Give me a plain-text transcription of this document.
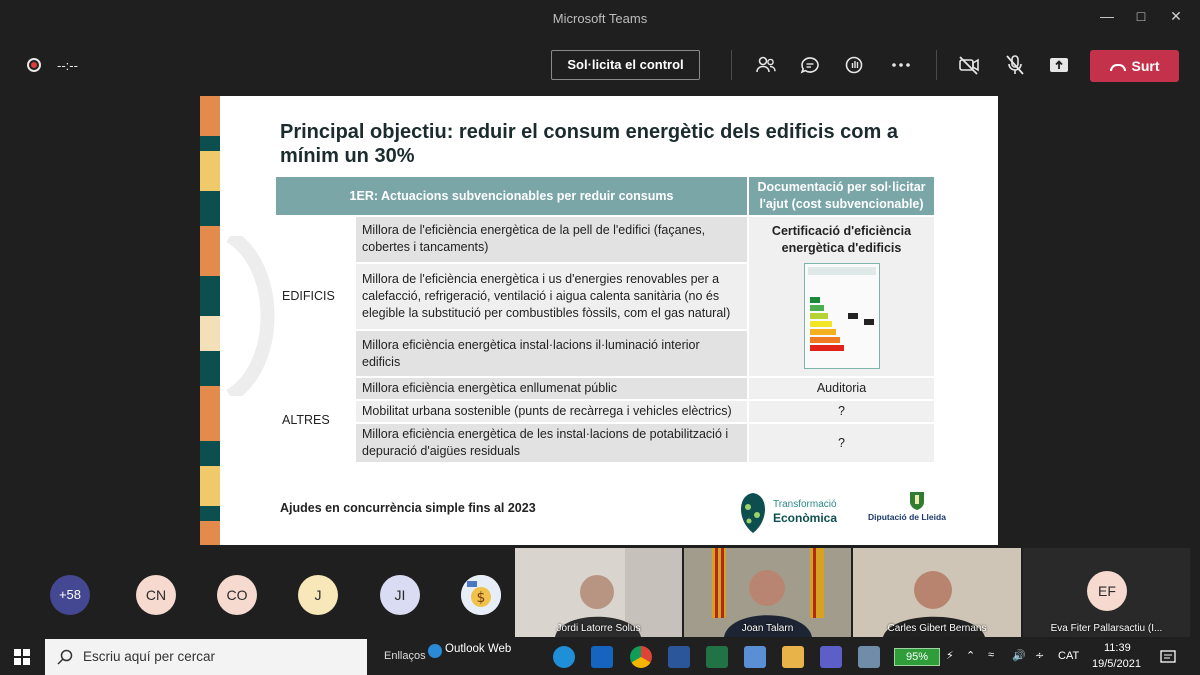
Microsoft Teams	—	□	✕
--:--	Sol·licita el control	Surt
Principal objectiu: reduir el consum energètic dels edificis com a mínim un 30%
1ER: Actuacions subvencionables per reduir consums		Documentació per sol·licitar l'ajut (cost subvencionable)
EDIFICIS	Millora de l'eficiència energètica de la pell de l'edifici (façanes, cobertes i tancaments)	Certificació d'eficiència energètica d'edificis

	Millora de l'eficiència energètica i us d'energies renovables per a calefacció, refrigeració, ventilació i aigua calenta sanitària (no és elegible la substitució per combustibles fòssils, com el gas natural)	
	Millora eficiència energètica instal·lacions il·luminació interior edificis	
ALTRES	Millora eficiència energètica enllumenat públic	Auditoria
	Mobilitat urbana sostenible (punts de recàrrega i vehicles elèctrics)	?
	Millora eficiència energètica de les instal·lacions de potabilització i depuració d'aigües residuals	?
Ajudes en concurrència simple fins al 2023	Transformació
Econòmica	Diputació de Lleida
+58	CN	CO	J	JI	$
Jordi Latorre Solus	Joan Talarn	Carles Gibert Bernans
EF
Eva Fiter Pallarsactiu (I...
Escriu aquí per cercar	Enllaços
Outlook Web
95%	⚡ ⌃ ≈ 🔊 ∻ CAT
11:39
19/5/2021
